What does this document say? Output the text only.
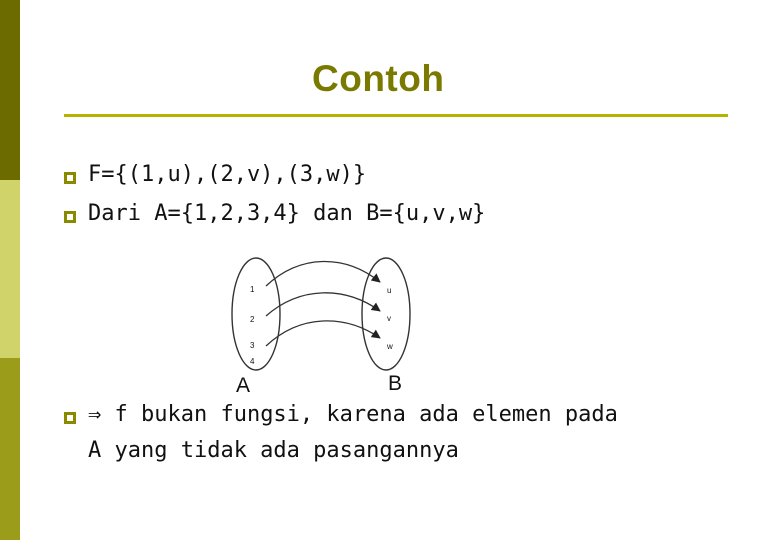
Contoh
F={(1,u),(2,v),(3,w)}
Dari A={1,2,3,4} dan B={u,v,w}
1
2
3
4
u
v
w
A	B
⇒ f bukan fungsi, karena ada elemen pada
A yang tidak ada pasangannya
